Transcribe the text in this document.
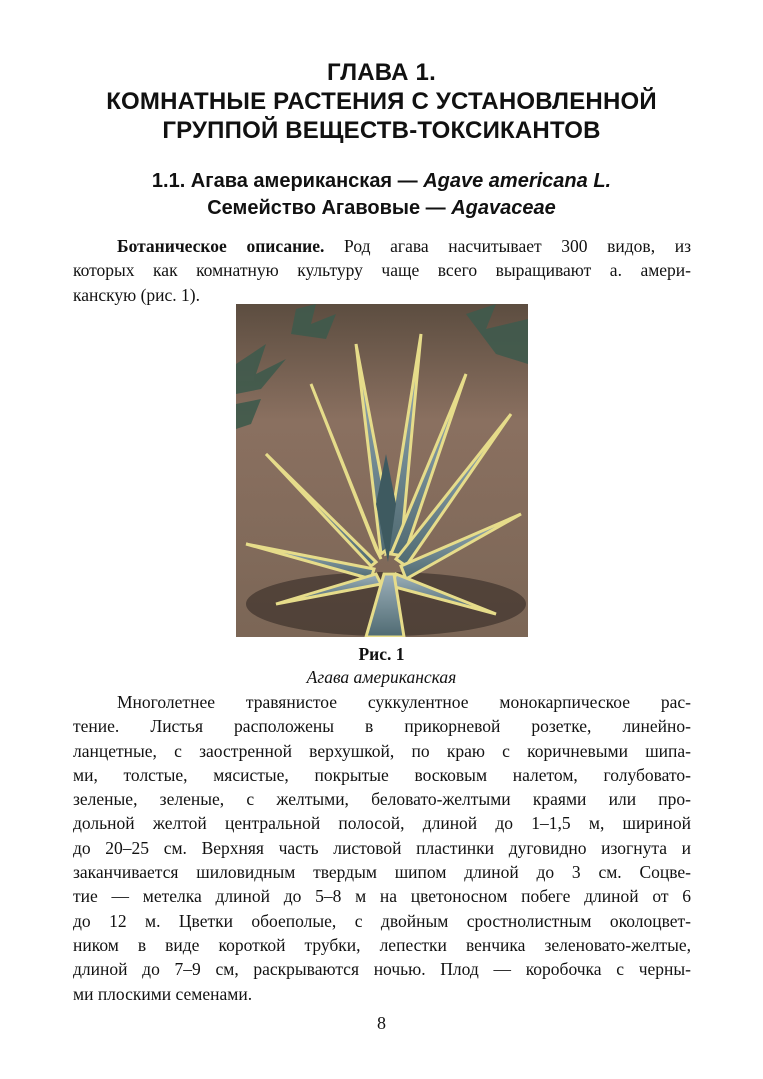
ГЛАВА 1.
КОМНАТНЫЕ РАСТЕНИЯ С УСТАНОВЛЕННОЙ
ГРУППОЙ ВЕЩЕСТВ-ТОКСИКАНТОВ
1.1. Агава американская — Agave americana L.
Семейство Агавовые — Agavaceae

Ботаническое описание. Род агава насчитывает 300 видов, из
которых как комнатную культуру чаще всего выращивают а. амери-
канскую (рис. 1).

Рис. 1

Агава американская

Многолетнее травянистое суккулентное монокарпическое рас-
тение. Листья расположены в прикорневой розетке, линейно-
ланцетные, с заостренной верхушкой, по краю с коричневыми шипа-
ми, толстые, мясистые, покрытые восковым налетом, голубовато-
зеленые, зеленые, с желтыми, беловато-желтыми краями или про-
дольной желтой центральной полосой, длиной до 1–1,5 м, шириной
до 20–25 см. Верхняя часть листовой пластинки дуговидно изогнута и
заканчивается шиловидным твердым шипом длиной до 3 см. Соцве-
тие — метелка длиной до 5–8 м на цветоносном побеге длиной от 6
до 12 м. Цветки обоеполые, с двойным сростнолистным околоцвет-
ником в виде короткой трубки, лепестки венчика зеленовато-желтые,
длиной до 7–9 см, раскрываются ночью. Плод — коробочка с черны-
ми плоскими семенами.

8
